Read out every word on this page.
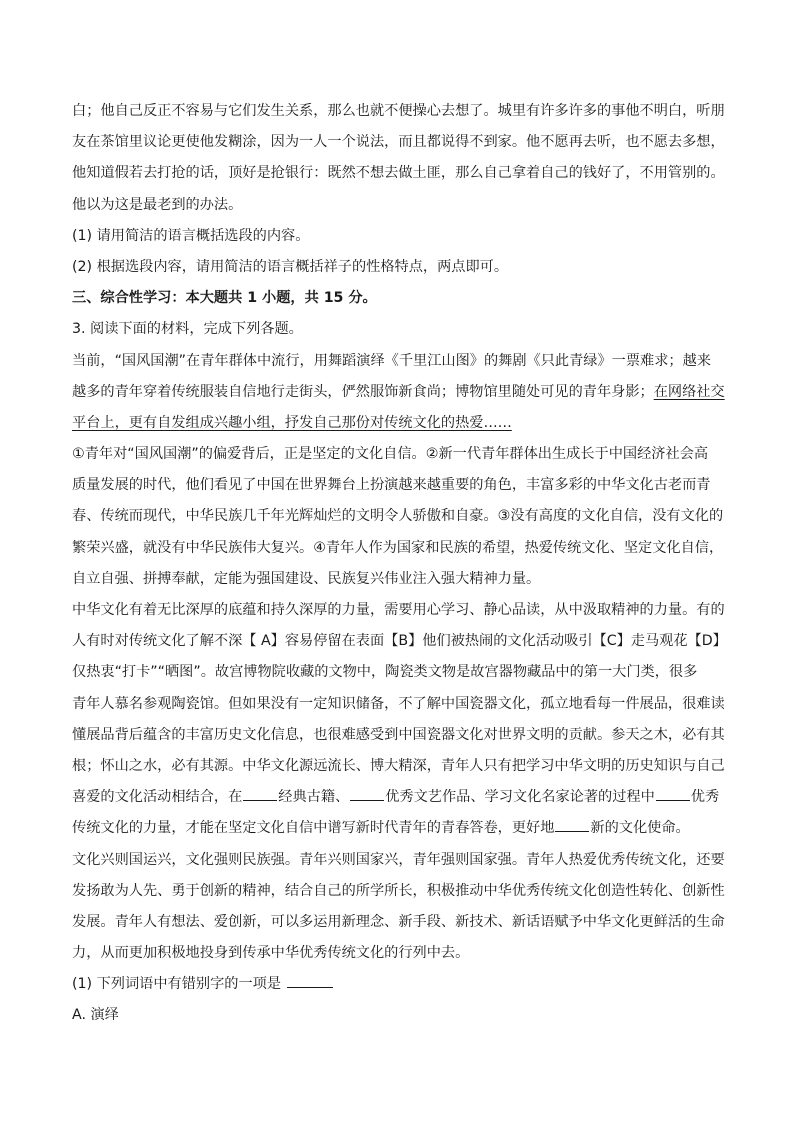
白；他自己反正不容易与它们发生关系，那么也就不便操心去想了。城里有许多许多的事他不明白，听朋
友在茶馆里议论更使他发糊涂，因为一人一个说法，而且都说得不到家。他不愿再去听，也不愿去多想，
他知道假若去打抢的话，顶好是抢银行：既然不想去做土匪，那么自己拿着自己的钱好了，不用管别的。
他以为这是最老到的办法。
(1) 请用简洁的语言概括选段的内容。
(2) 根据选段内容，请用简洁的语言概括祥子的性格特点，两点即可。
三、综合性学习：本大题共 1 小题，共 15 分。
3. 阅读下面的材料，完成下列各题。
当前，“国风国潮”在青年群体中流行，用舞蹈演绎《千里江山图》的舞剧《只此青绿》一票难求；越来
越多的青年穿着传统服装自信地行走街头，俨然服饰新食尚；博物馆里随处可见的青年身影；在网络社交
平台上，更有自发组成兴趣小组，抒发自己那份对传统文化的热爱……
①青年对“国风国潮”的偏爱背后，正是坚定的文化自信。②新一代青年群体出生成长于中国经济社会高
质量发展的时代，他们看见了中国在世界舞台上扮演越来越重要的角色，丰富多彩的中华文化古老而青
春、传统而现代，中华民族几千年光辉灿烂的文明令人骄傲和自豪。③没有高度的文化自信，没有文化的
繁荣兴盛，就没有中华民族伟大复兴。④青年人作为国家和民族的希望，热爱传统文化、坚定文化自信，
自立自强、拼搏奉献，定能为强国建设、民族复兴伟业注入强大精神力量。
中华文化有着无比深厚的底蕴和持久深厚的力量，需要用心学习、静心品读，从中汲取精神的力量。有的
人有时对传统文化了解不深【 A】容易停留在表面【B】他们被热闹的文化活动吸引【C】走马观花【D】
仅热衷“打卡”“晒图”。故宫博物院收藏的文物中，陶瓷类文物是故宫器物藏品中的第一大门类，很多
青年人慕名参观陶瓷馆。但如果没有一定知识储备，不了解中国瓷器文化，孤立地看每一件展品，很难读
懂展品背后蕴含的丰富历史文化信息，也很难感受到中国瓷器文化对世界文明的贡献。参天之木，必有其
根；怀山之水，必有其源。中华文化源远流长、博大精深，青年人只有把学习中华文明的历史知识与自己
喜爱的文化活动相结合，在	经典古籍、	优秀文艺作品、学习文化名家论著的过程中	优秀
传统文化的力量，才能在坚定文化自信中谱写新时代青年的青春答卷，更好地	新的文化使命。
文化兴则国运兴，文化强则民族强。青年兴则国家兴，青年强则国家强。青年人热爱优秀传统文化，还要
发扬敢为人先、勇于创新的精神，结合自己的所学所长，积极推动中华优秀传统文化创造性转化、创新性
发展。青年人有想法、爱创新，可以多运用新理念、新手段、新技术、新话语赋予中华文化更鲜活的生命
力，从而更加积极地投身到传承中华优秀传统文化的行列中去。
(1) 下列词语中有错别字的一项是
A. 演绎
